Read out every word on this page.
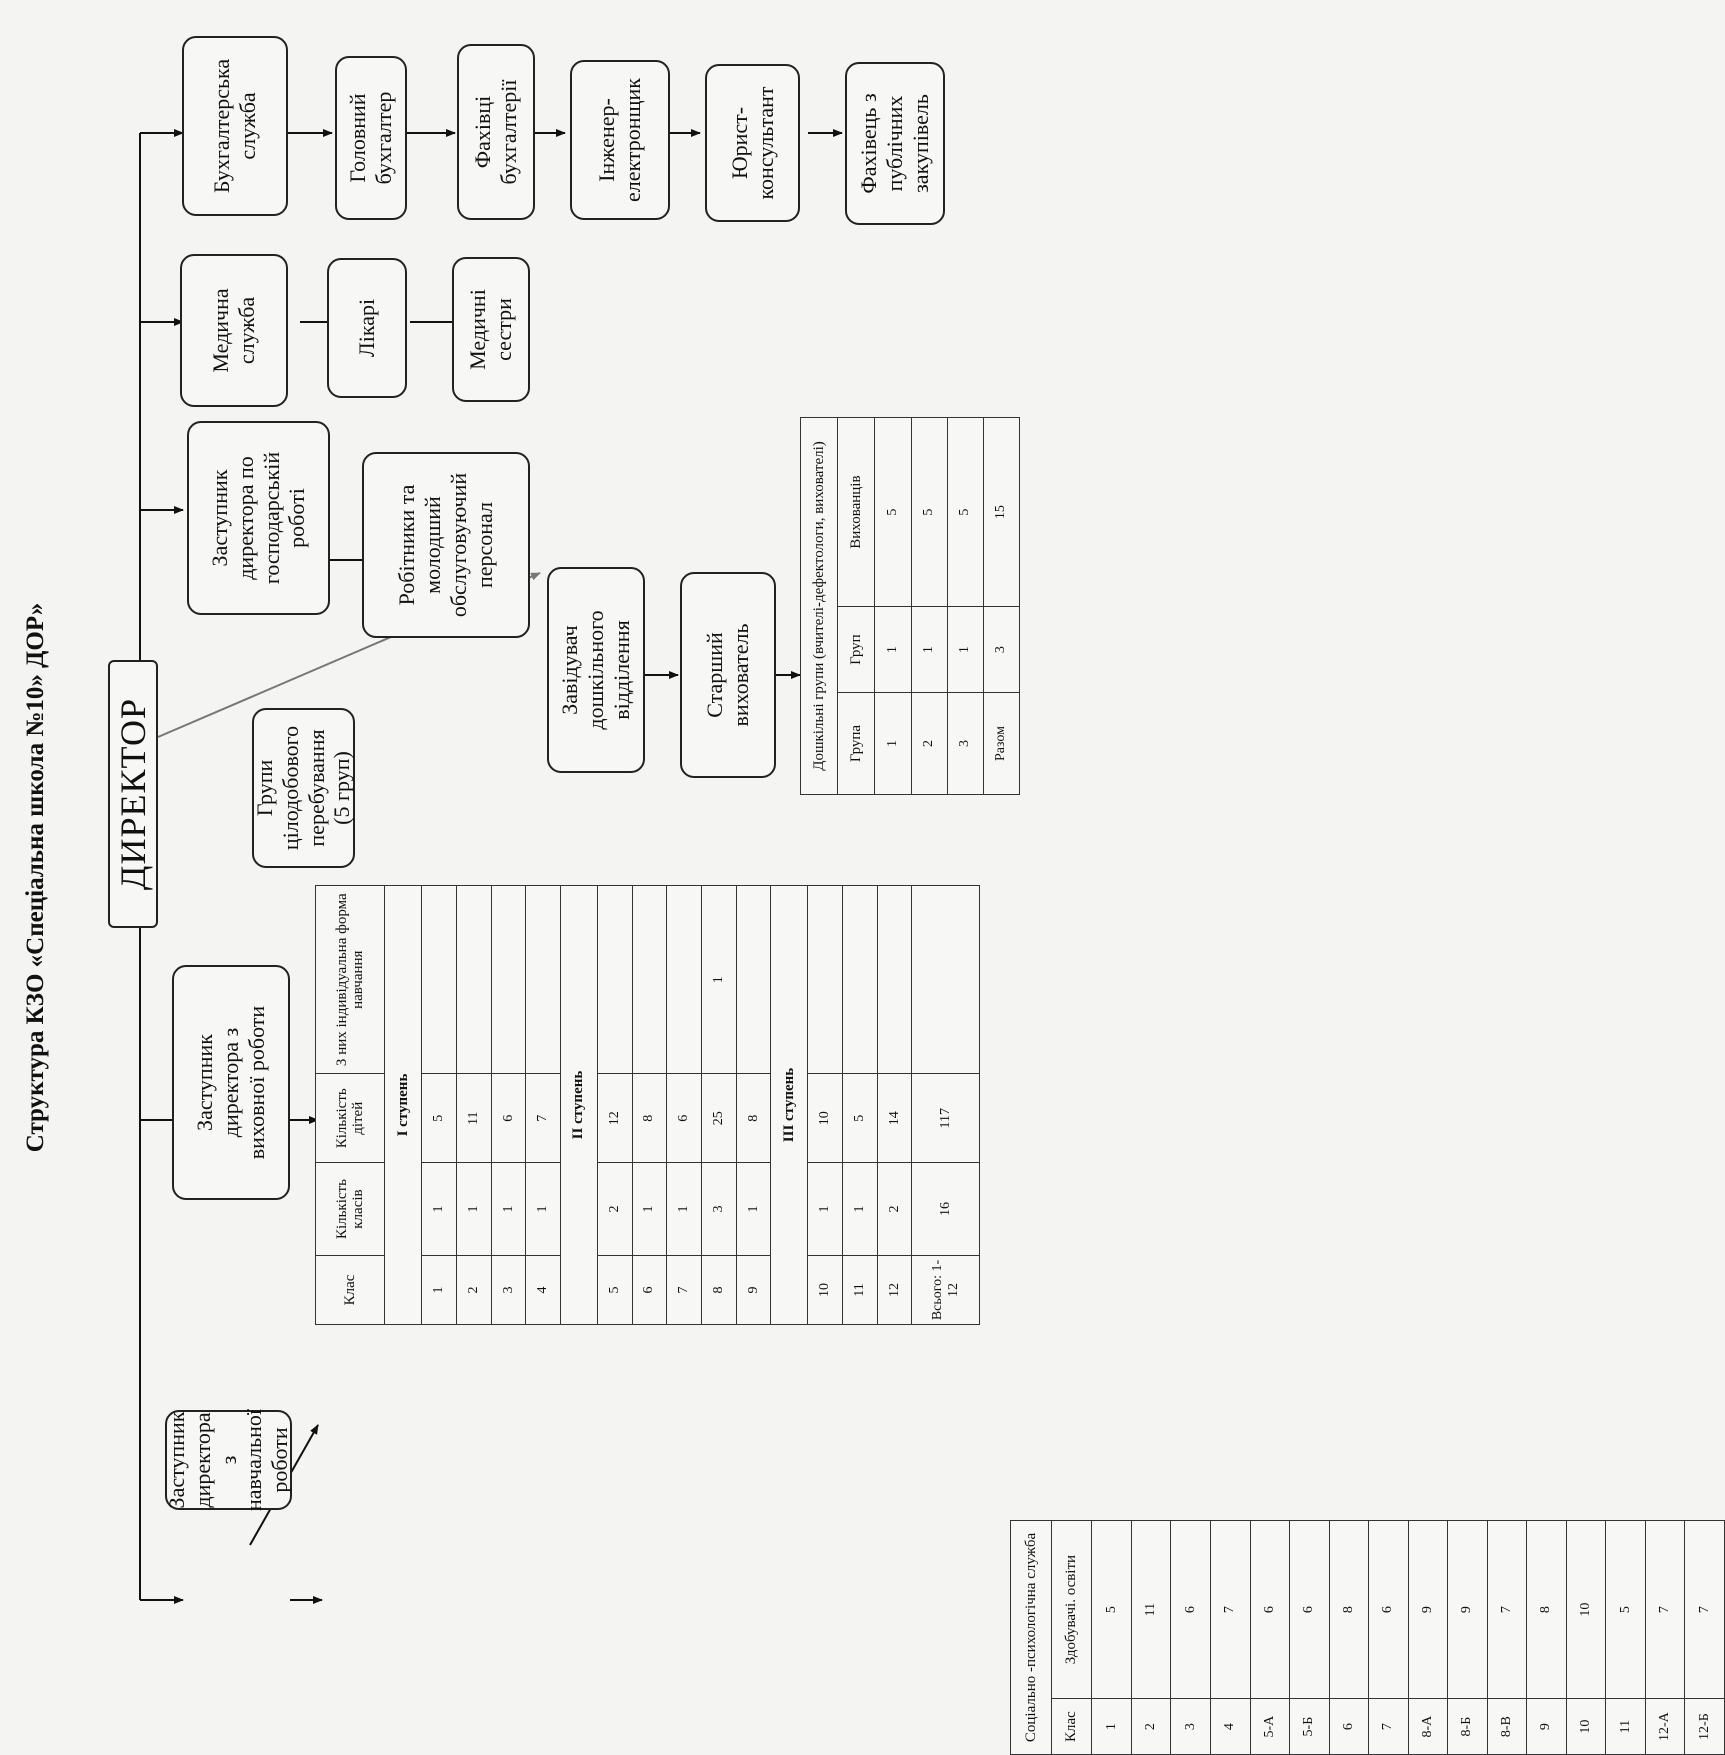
Структура КЗО «Спеціальна школа №10» ДОР» ДИРЕКТОР
Заступник
директора з
навчальної роботи
Заступник
директора з
виховної роботи
Групи
цілодобового
перебування
(5 груп)
Завідувач
дошкільного
відділення	Старший
вихователь
Заступник
директора по
господарській
роботі	Робітники та
молодший
обслуговуючий
персонал
Медична
служба	Лікарі	Медичні
сестри
Бухгалтерська
служба	Головний
бухгалтер	Фахівці
бухгалтерії	Інженер-
електронщик	Юрист-
консультант	Фахівець з
публічних
закупівель
Соціально -психологічна служба	
Клас	Здобувачі. освіти
1	5
2	11
3	6
4	7
5-А	6
5-Б	6
6	8
7	6
8-А	9
8-Б	9
8-В	7
9	8
10	10
11	5
12-А	7
12-Б	7
Клас	Кількість класів	Кількість дітей	З них індивідуальна форма навчання
І ступень			
1	1	5	
2	1	11	
3	1	6	
4	1	7	
ІІ ступень			
5	2	12	
6	1	8	
7	1	6	
8	3	25	1
9	1	8	
ІІІ ступень			
10	1	10	
11	1	5	
12	2	14	
Всього: 1-12	16	117	
Дошкільні групи (вчителі-дефектологи, вихователі)		
Група	Груп	Вихованців
1	1	5
2	1	5
3	1	5
Разом	3	15
